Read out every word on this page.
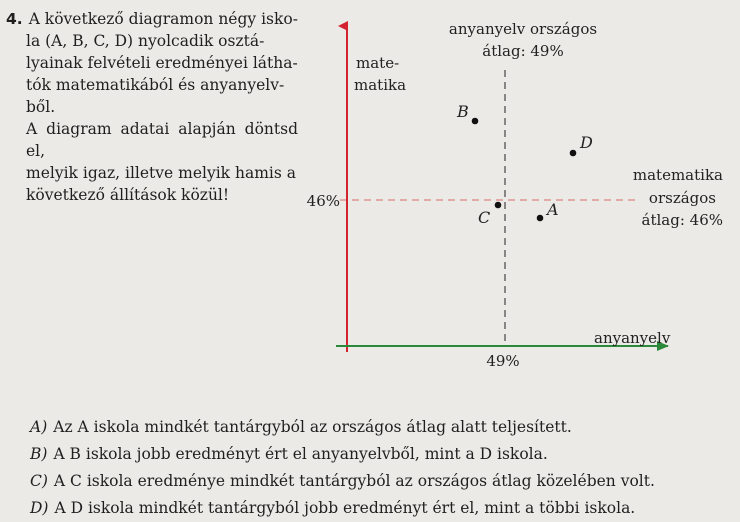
4. A következő diagramon négy isko-

la (A, B, C, D) nyolcadik osztá-

lyainak felvételi eredményei látha-

tók matematikából és anyanyelv-

ből.

A diagram adatai alapján döntsd el,

melyik igaz, illetve melyik hamis a

következő állítások közül!

mate-
matika
anyanyelv
anyanyelv országos
átlag: 49%
49%
46%
matematika
országos
átlag: 46%
B
D
C	A
A) Az A iskola mindkét tantárgyból az országos átlag alatt teljesített.
B) A B iskola jobb eredményt ért el anyanyelvből, mint a D iskola.
C) A C iskola eredménye mindkét tantárgyból az országos átlag közelében volt.
D) A D iskola mindkét tantárgyból jobb eredményt ért el, mint a többi iskola.
